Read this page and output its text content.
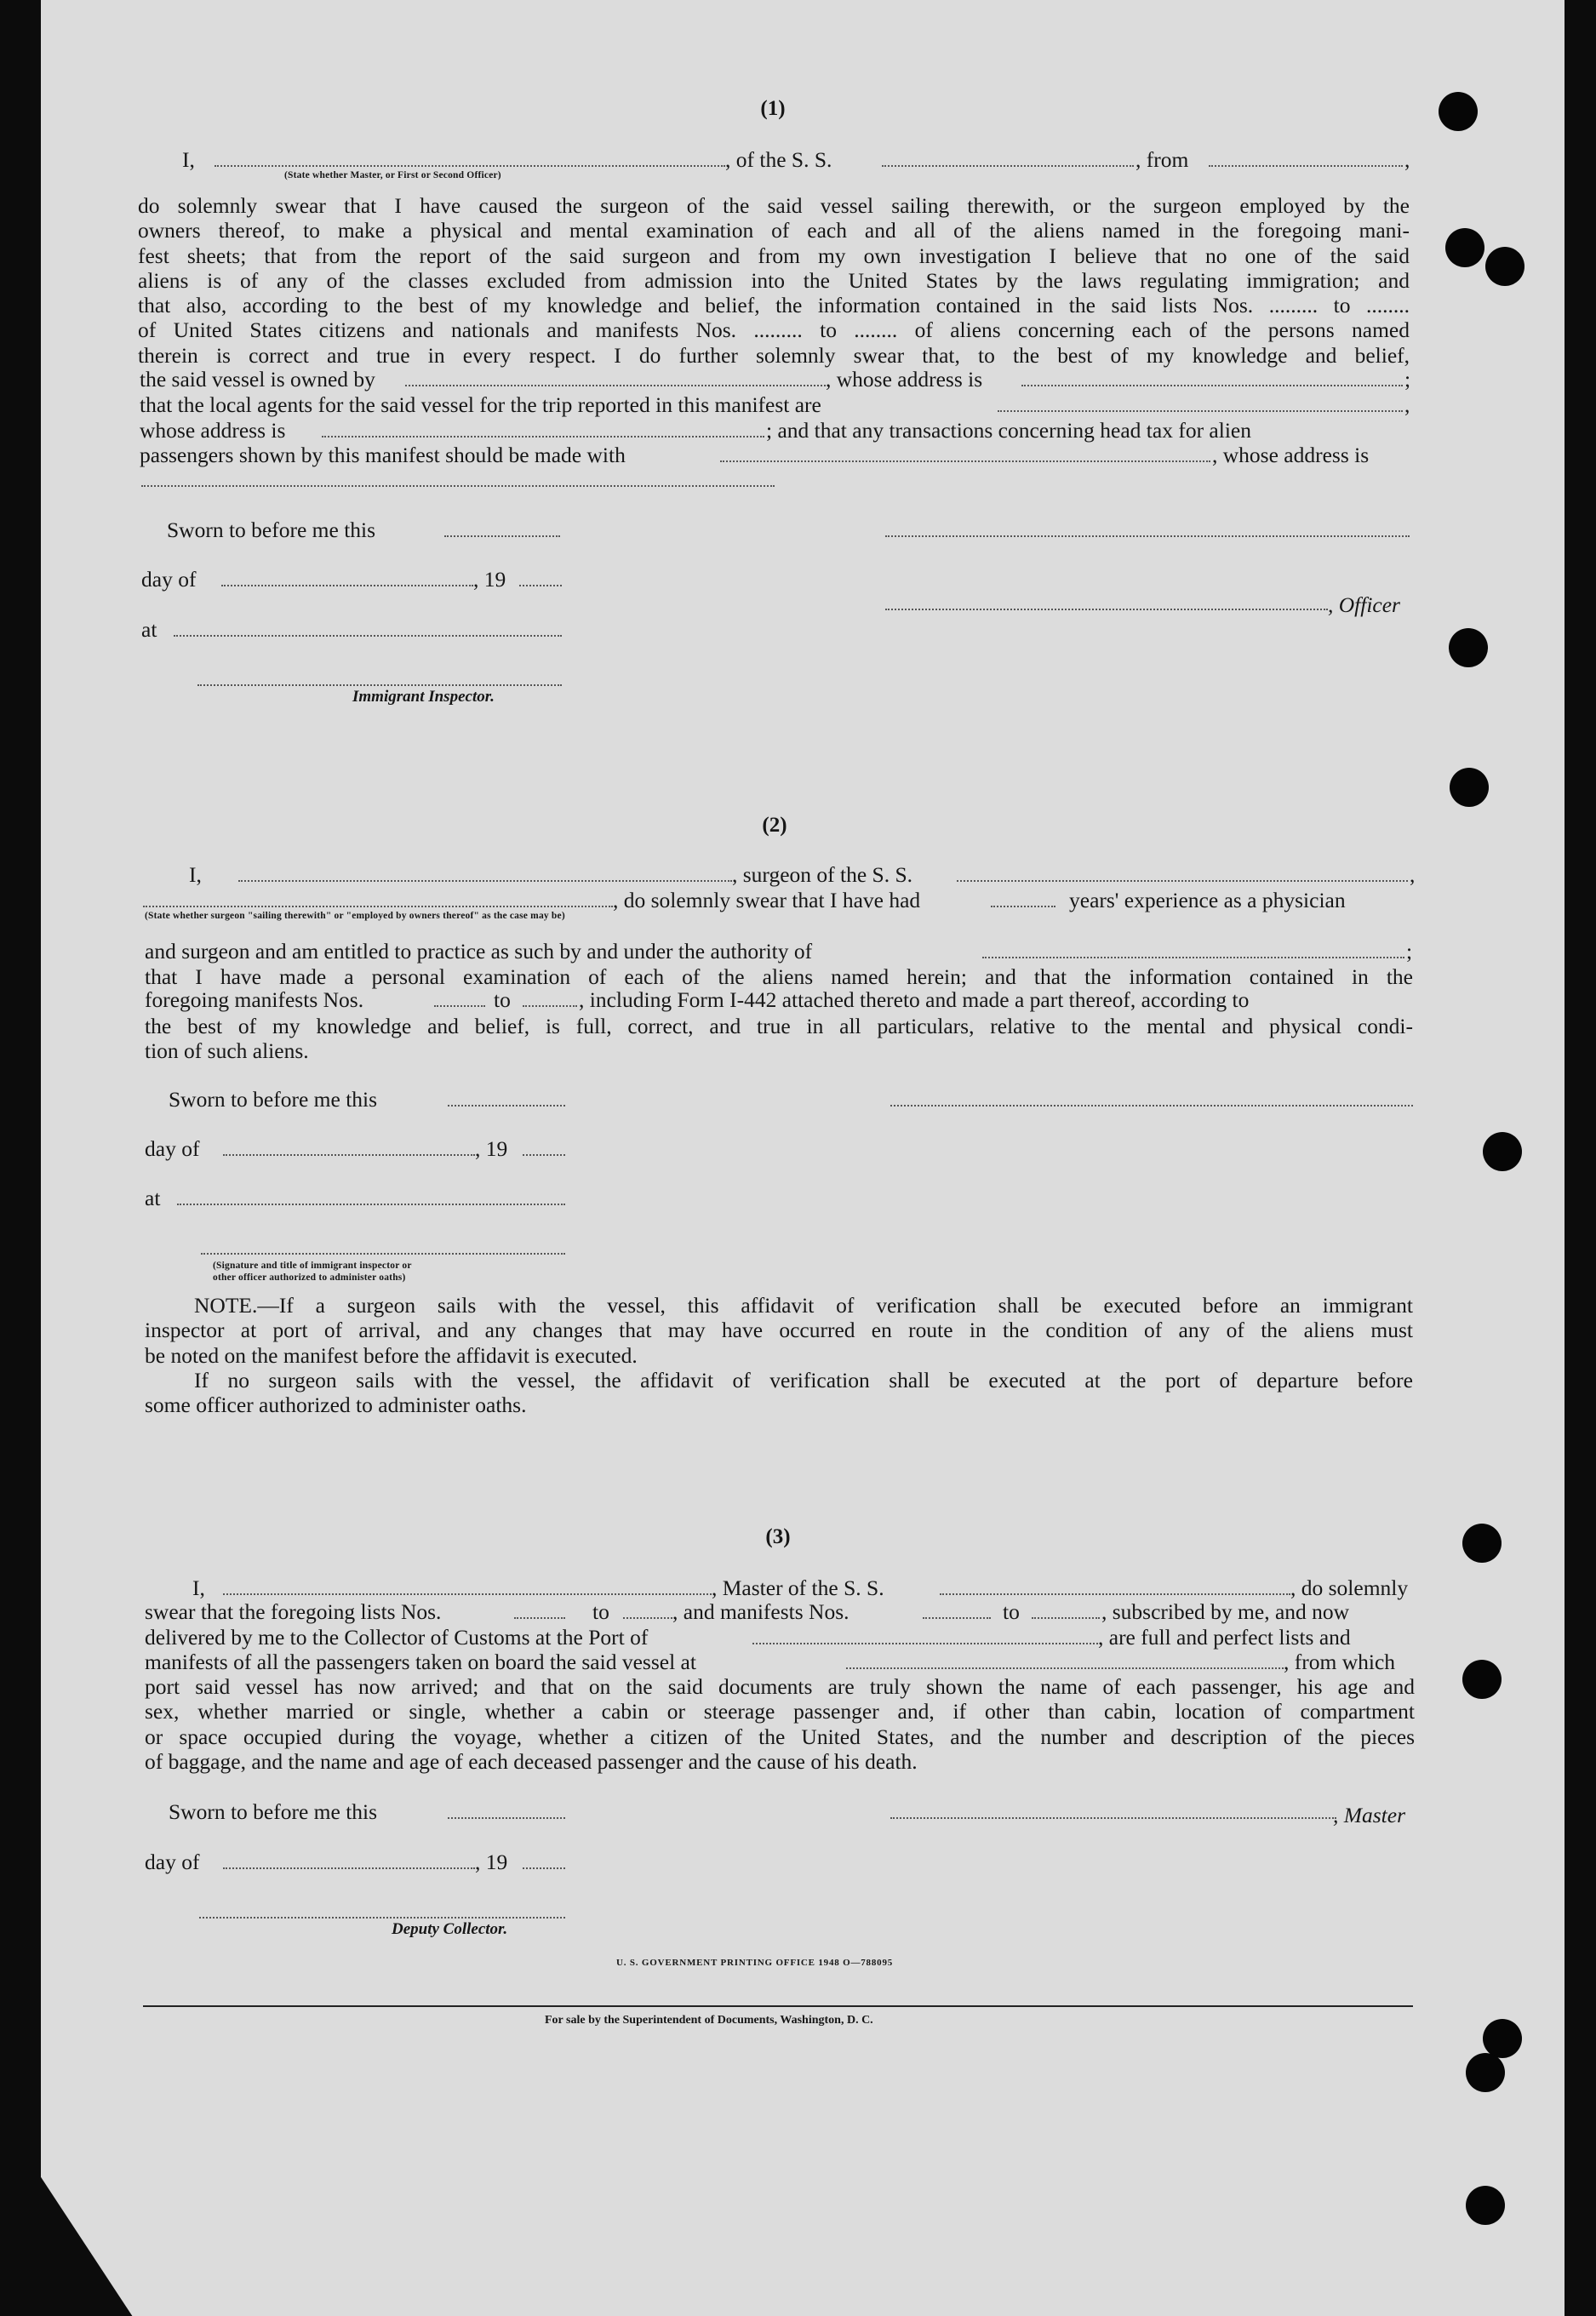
(1)
I,	, of the S. S.	, from	,
(State whether Master, or First or Second Officer)
do solemnly swear that I have caused the surgeon of the said vessel sailing therewith, or the surgeon employed by the
owners thereof, to make a physical and mental examination of each and all of the aliens named in the foregoing mani-
fest sheets; that from the report of the said surgeon and from my own investigation I believe that no one of the said
aliens is of any of the classes excluded from admission into the United States by the laws regulating immigration; and
that also, according to the best of my knowledge and belief, the information contained in the said lists Nos. ......... to ........
of United States citizens and nationals and manifests Nos. ......... to ........ of aliens concerning each of the persons named
therein is correct and true in every respect. I do further solemnly swear that, to the best of my knowledge and belief,
the said vessel is owned by	, whose address is	;
that the local agents for the said vessel for the trip reported in this manifest are	,
whose address is	; and that any transactions concerning head tax for alien
passengers shown by this manifest should be made with	, whose address is
Sworn to before me this
day of	, 19
, Officer
at
Immigrant Inspector.
(2)
I,	, surgeon of the S. S.	,
, do solemnly swear that I have had	years' experience as a physician
(State whether surgeon "sailing therewith" or "employed by owners thereof" as the case may be)
and surgeon and am entitled to practice as such by and under the authority of	;
that I have made a personal examination of each of the aliens named herein; and that the information contained in the
foregoing manifests Nos.	to	, including Form I-442 attached thereto and made a part thereof, according to
the best of my knowledge and belief, is full, correct, and true in all particulars, relative to the mental and physical condi-
tion of such aliens.
Sworn to before me this
day of	, 19
at
(Signature and title of immigrant inspector or
other officer authorized to administer oaths)
NOTE.—If a surgeon sails with the vessel, this affidavit of verification shall be executed before an immigrant
inspector at port of arrival, and any changes that may have occurred en route in the condition of any of the aliens must
be noted on the manifest before the affidavit is executed.
If no surgeon sails with the vessel, the affidavit of verification shall be executed at the port of departure before
some officer authorized to administer oaths.
(3)
I,	, Master of the S. S.	, do solemnly
swear that the foregoing lists Nos.	to	, and manifests Nos.	to	, subscribed by me, and now
delivered by me to the Collector of Customs at the Port of	, are full and perfect lists and
manifests of all the passengers taken on board the said vessel at	, from which
port said vessel has now arrived; and that on the said documents are truly shown the name of each passenger, his age and
sex, whether married or single, whether a cabin or steerage passenger and, if other than cabin, location of compartment
or space occupied during the voyage, whether a citizen of the United States, and the number and description of the pieces
of baggage, and the name and age of each deceased passenger and the cause of his death.
Sworn to before me this	, Master
day of	, 19
Deputy Collector.
U. S. GOVERNMENT PRINTING OFFICE 1948 O—788095
For sale by the Superintendent of Documents, Washington, D. C.
